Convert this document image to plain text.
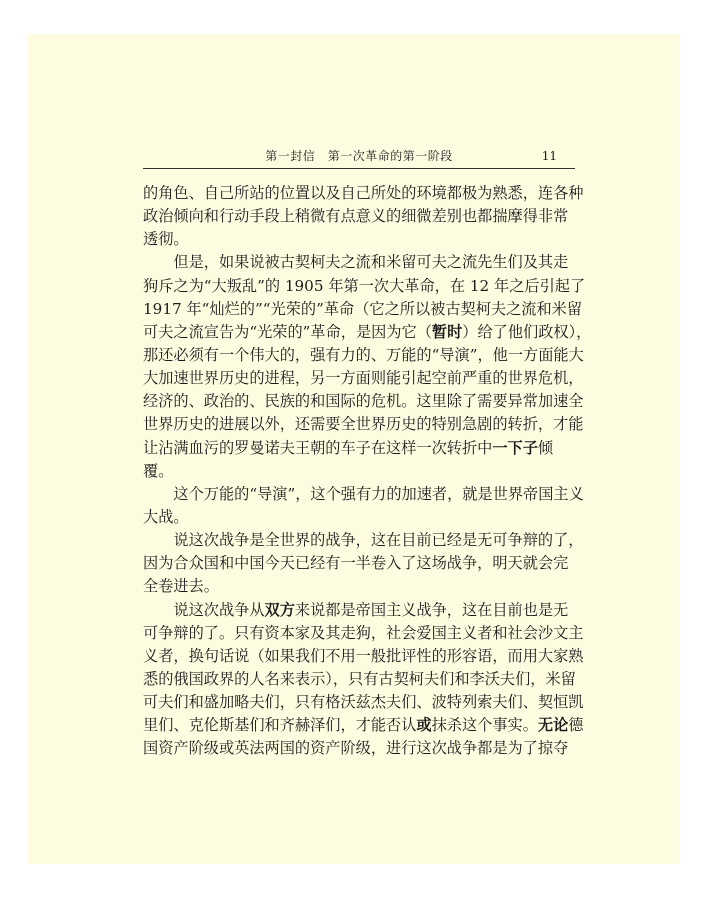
第一封信　第一次革命的第一阶段	11
的角色、自己所站的位置以及自己所处的环境都极为熟悉，连各种
政治倾向和行动手段上稍微有点意义的细微差别也都揣摩得非常
透彻。
　　但是，如果说被古契柯夫之流和米留可夫之流先生们及其走
狗斥之为“大叛乱”的 1905 年第一次大革命，在 12 年之后引起了
1917 年“灿烂的”“光荣的”革命（它之所以被古契柯夫之流和米留
可夫之流宣告为“光荣的”革命，是因为它（暂时）给了他们政权），
那还必须有一个伟大的，强有力的、万能的“导演”，他一方面能大
大加速世界历史的进程，另一方面则能引起空前严重的世界危机，
经济的、政治的、民族的和国际的危机。这里除了需要异常加速全
世界历史的进展以外，还需要全世界历史的特别急剧的转折，才能
让沾满血污的罗曼诺夫王朝的车子在这样一次转折中一下子倾
覆。
　　这个万能的“导演”，这个强有力的加速者，就是世界帝国主义
大战。
　　说这次战争是全世界的战争，这在目前已经是无可争辩的了，
因为合众国和中国今天已经有一半卷入了这场战争，明天就会完
全卷进去。
　　说这次战争从双方来说都是帝国主义战争，这在目前也是无
可争辩的了。只有资本家及其走狗，社会爱国主义者和社会沙文主
义者，换句话说（如果我们不用一般批评性的形容语，而用大家熟
悉的俄国政界的人名来表示），只有古契柯夫们和李沃夫们，米留
可夫们和盛加略夫们，只有格沃兹杰夫们、波特列索夫们、契恒凯
里们、克伦斯基们和齐赫泽们，才能否认或抹杀这个事实。无论德
国资产阶级或英法两国的资产阶级，进行这次战争都是为了掠夺
